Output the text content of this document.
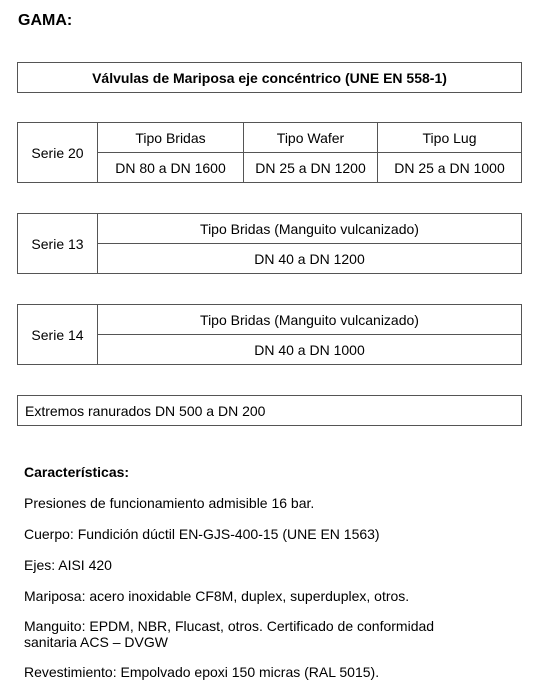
GAMA:
Válvulas de Mariposa eje concéntrico (UNE EN 558-1)
Serie 20
Tipo Bridas	Tipo Wafer	Tipo Lug
DN 80 a DN 1600	DN 25 a DN 1200	DN 25 a DN 1000
Serie 13
Tipo Bridas (Manguito vulcanizado)
DN 40 a DN 1200
Serie 14
Tipo Bridas (Manguito vulcanizado)
DN 40 a DN 1000
Extremos ranurados DN 500 a DN 200
Características:
Presiones de funcionamiento admisible 16 bar.
Cuerpo: Fundición dúctil EN-GJS-400-15 (UNE EN 1563)
Ejes: AISI 420
Mariposa: acero inoxidable CF8M, duplex, superduplex, otros.
Manguito: EPDM, NBR, Flucast, otros. Certificado de conformidad
sanitaria ACS – DVGW
Revestimiento: Empolvado epoxi 150 micras (RAL 5015).
